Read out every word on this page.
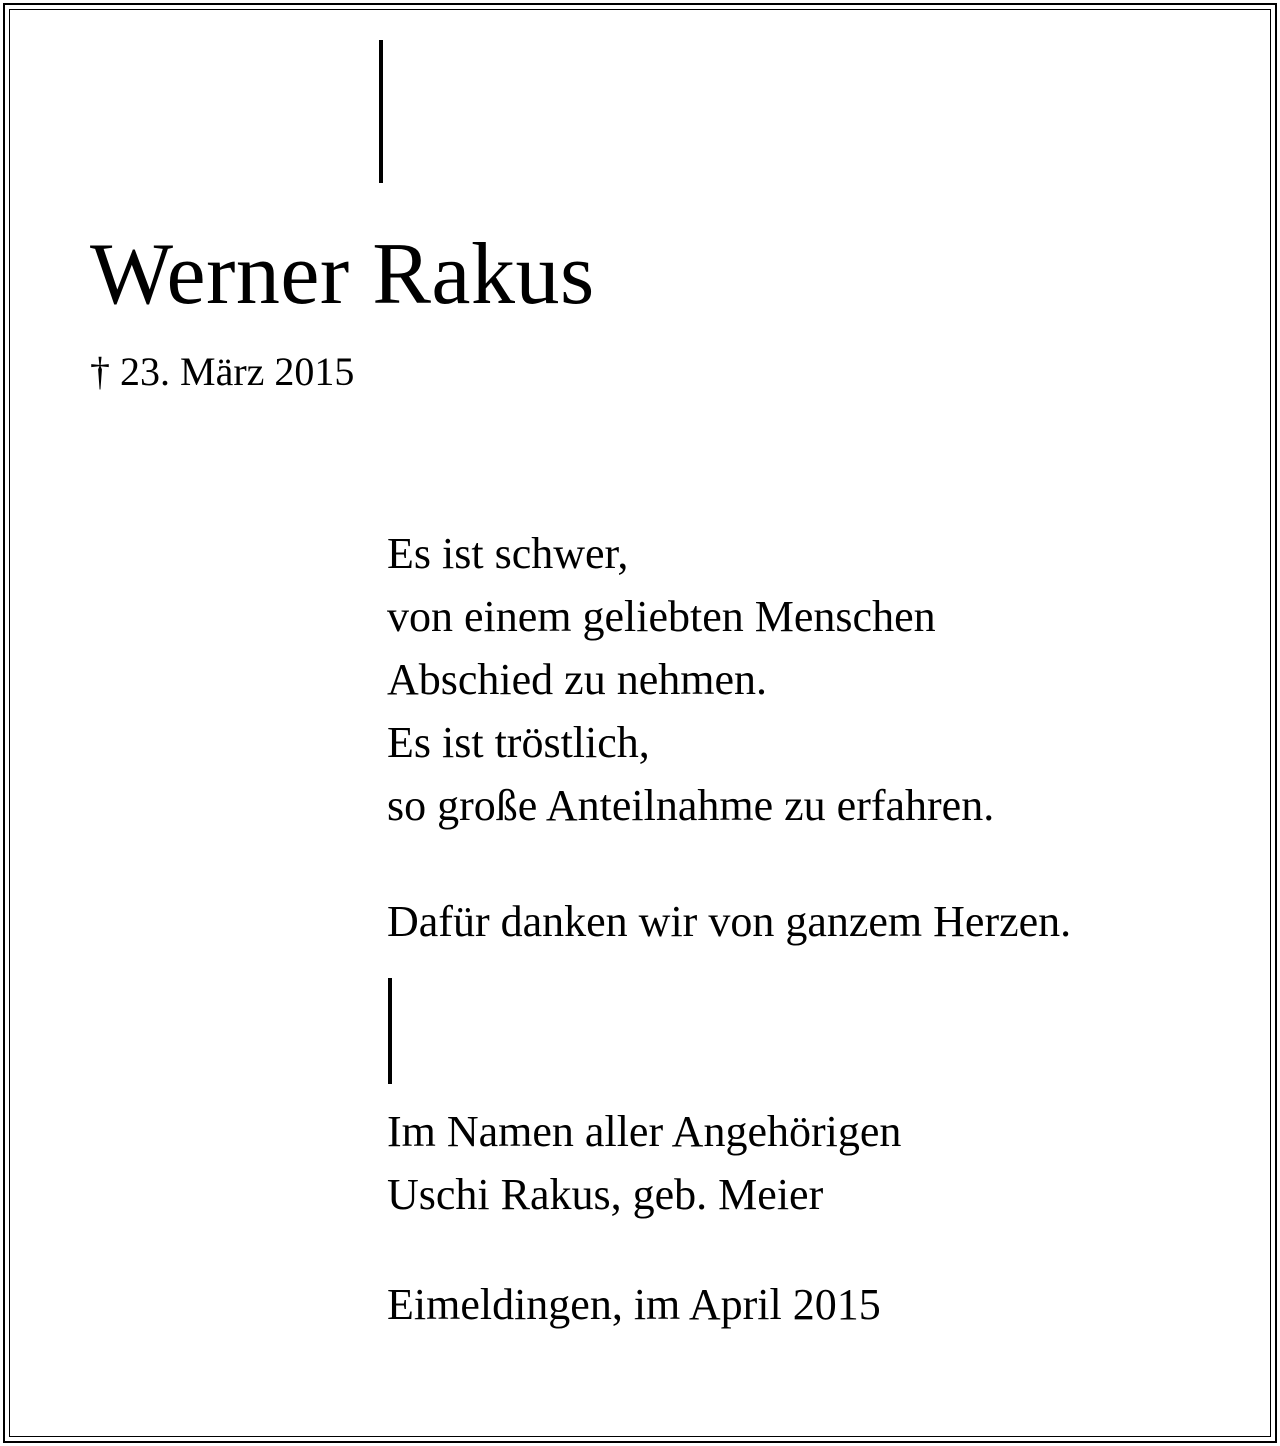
Werner Rakus
† 23. März 2015
Es ist schwer,
von einem geliebten Menschen
Abschied zu nehmen.
Es ist tröstlich,
so große Anteilnahme zu erfahren.
Dafür danken wir von ganzem Herzen.
Im Namen aller Angehörigen
Uschi Rakus, geb. Meier
Eimeldingen, im April 2015
